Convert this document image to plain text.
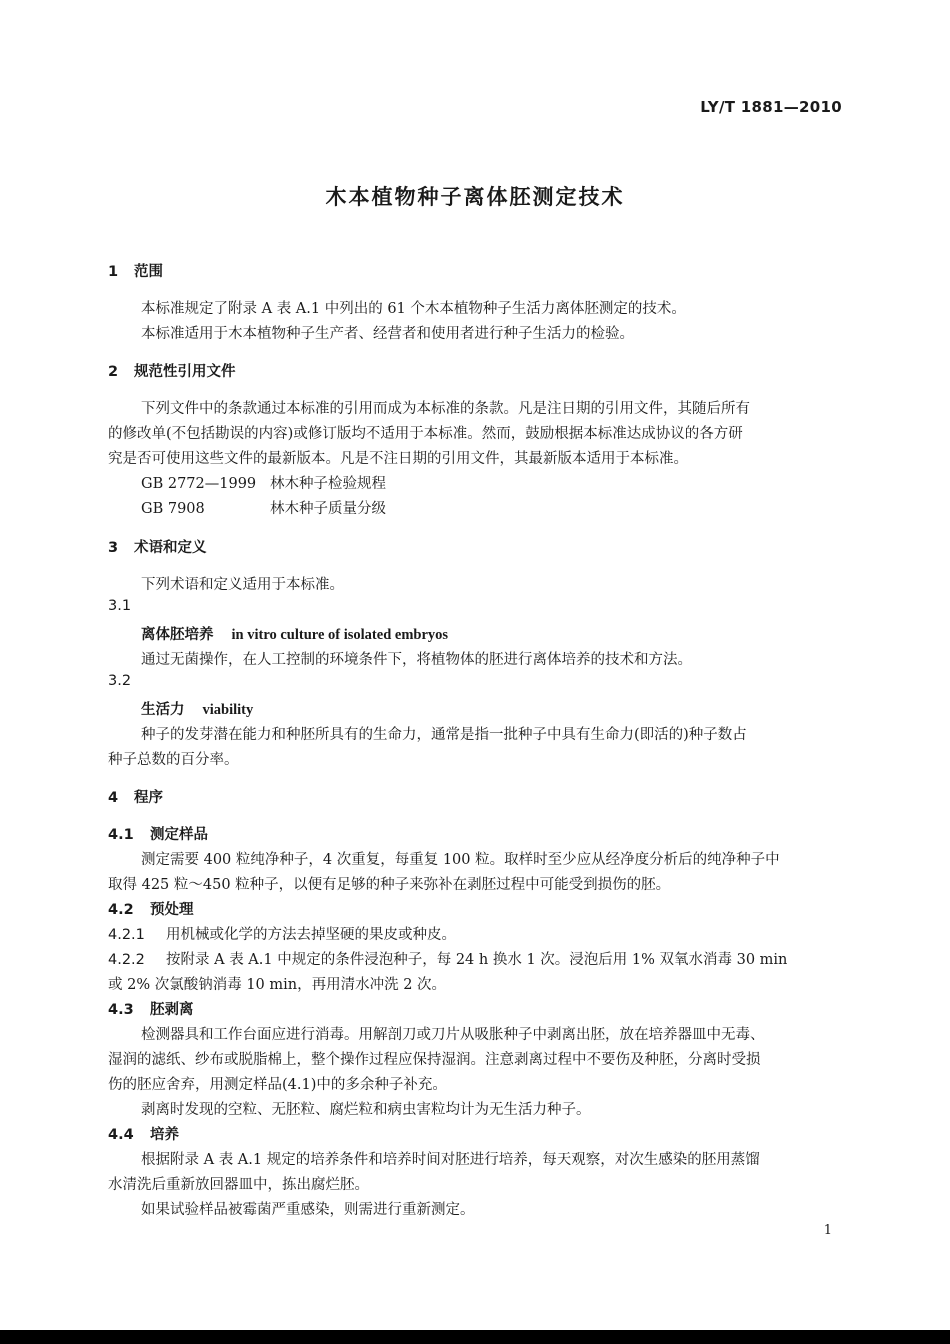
LY/T 1881—2010
木本植物种子离体胚测定技术
1 范围
本标准规定了附录 A 表 A.1 中列出的 61 个木本植物种子生活力离体胚测定的技术。
本标准适用于木本植物种子生产者、经营者和使用者进行种子生活力的检验。
2 规范性引用文件
下列文件中的条款通过本标准的引用而成为本标准的条款。凡是注日期的引用文件，其随后所有
的修改单(不包括勘误的内容)或修订版均不适用于本标准。然而，鼓励根据本标准达成协议的各方研
究是否可使用这些文件的最新版本。凡是不注日期的引用文件，其最新版本适用于本标准。
GB 2772—1999 林木种子检验规程
GB 7908	林木种子质量分级
3 术语和定义
下列术语和定义适用于本标准。
3.1
离体胚培养 in vitro culture of isolated embryos
通过无菌操作，在人工控制的环境条件下，将植物体的胚进行离体培养的技术和方法。
3.2
生活力 viability
种子的发芽潜在能力和种胚所具有的生命力，通常是指一批种子中具有生命力(即活的)种子数占
种子总数的百分率。
4 程序
4.1 测定样品
测定需要 400 粒纯净种子，4 次重复，每重复 100 粒。取样时至少应从经净度分析后的纯净种子中
取得 425 粒～450 粒种子，以便有足够的种子来弥补在剥胚过程中可能受到损伤的胚。
4.2 预处理
4.2.1 用机械或化学的方法去掉坚硬的果皮或种皮。
4.2.2 按附录 A 表 A.1 中规定的条件浸泡种子，每 24 h 换水 1 次。浸泡后用 1% 双氧水消毒 30 min
或 2% 次氯酸钠消毒 10 min，再用清水冲洗 2 次。
4.3 胚剥离
检测器具和工作台面应进行消毒。用解剖刀或刀片从吸胀种子中剥离出胚，放在培养器皿中无毒、
湿润的滤纸、纱布或脱脂棉上，整个操作过程应保持湿润。注意剥离过程中不要伤及种胚，分离时受损
伤的胚应舍弃，用测定样品(4.1)中的多余种子补充。
剥离时发现的空粒、无胚粒、腐烂粒和病虫害粒均计为无生活力种子。
4.4 培养
根据附录 A 表 A.1 规定的培养条件和培养时间对胚进行培养，每天观察，对次生感染的胚用蒸馏
水清洗后重新放回器皿中，拣出腐烂胚。
如果试验样品被霉菌严重感染，则需进行重新测定。
1
